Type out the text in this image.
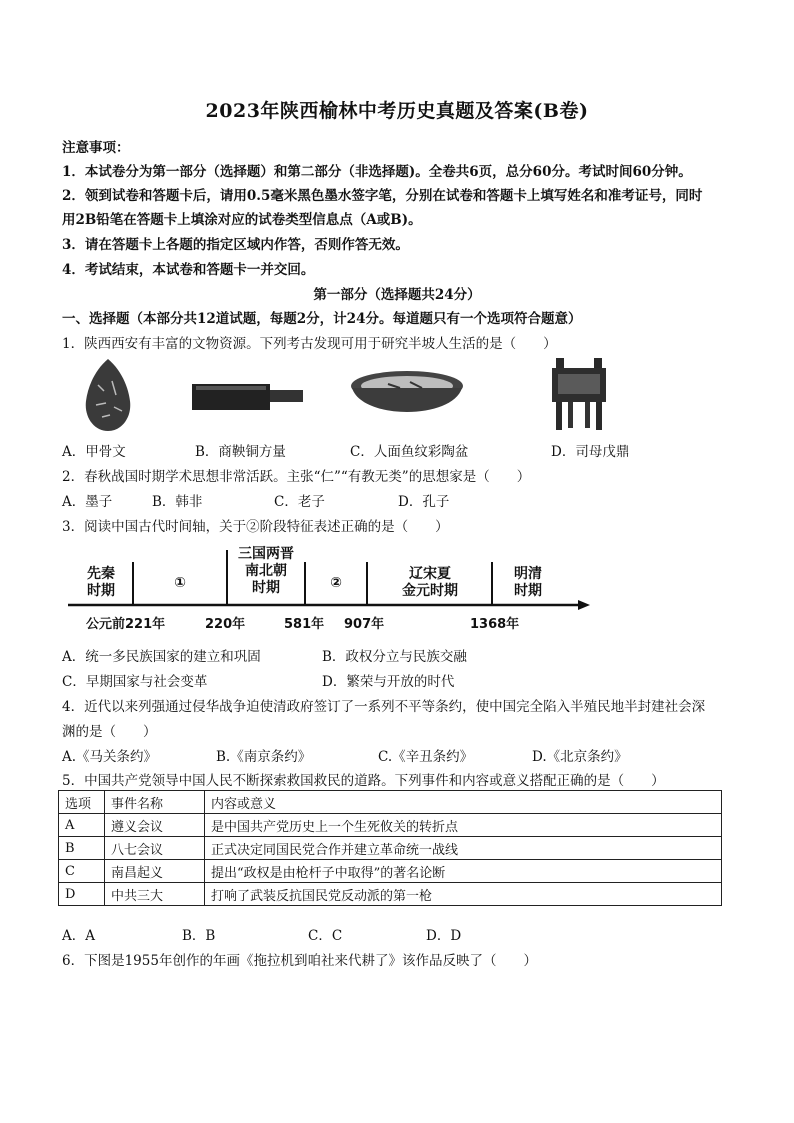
2023年陕西榆林中考历史真题及答案(B卷)
注意事项：
1．本试卷分为第一部分（选择题）和第二部分（非选择题)。全卷共6页，总分60分。考试时间60分钟。
2．领到试卷和答题卡后，请用0.5毫米黑色墨水签字笔，分别在试卷和答题卡上填写姓名和准考证号，同时
用2B铅笔在答题卡上填涂对应的试卷类型信息点（A或B)。
3．请在答题卡上各题的指定区域内作答，否则作答无效。
4．考试结束，本试卷和答题卡一并交回。
第一部分（选择题共24分）
一、选择题（本部分共12道试题，每题2分，计24分。每道题只有一个选项符合题意）
1．陕西西安有丰富的文物资源。下列考古发现可用于研究半坡人生活的是（　　）
A．甲骨文	B．商鞅铜方量	C．人面鱼纹彩陶盆	D．司母戊鼎
2．春秋战国时期学术思想非常活跃。主张“仁”“有教无类”的思想家是（　　）
A．墨子	B．韩非	C．老子	D．孔子
3．阅读中国古代时间轴，关于②阶段特征表述正确的是（　　）
先秦
时期	①
三国两晋
南北朝
时期	②
辽宋夏
金元时期
明清
时期
公元前221年	220年	581年 907年	1368年
A．统一多民族国家的建立和巩固	B．政权分立与民族交融
C．早期国家与社会变革	D．繁荣与开放的时代
4．近代以来列强通过侵华战争迫使清政府签订了一系列不平等条约，使中国完全陷入半殖民地半封建社会深
渊的是（　　）
A.《马关条约》	B.《南京条约》	C.《辛丑条约》	D.《北京条约》
5．中国共产党领导中国人民不断探索救国救民的道路。下列事件和内容或意义搭配正确的是（　　）
选项	事件名称	内容或意义
A	遵义会议	是中国共产党历史上一个生死攸关的转折点
B	八七会议	正式决定同国民党合作并建立革命统一战线
C	南昌起义	提出“政权是由枪杆子中取得”的著名论断
D	中共三大	打响了武装反抗国民党反动派的第一枪
A．A	B．B	C．C	D．D
6．下图是1955年创作的年画《拖拉机到咱社来代耕了》该作品反映了（　　）
